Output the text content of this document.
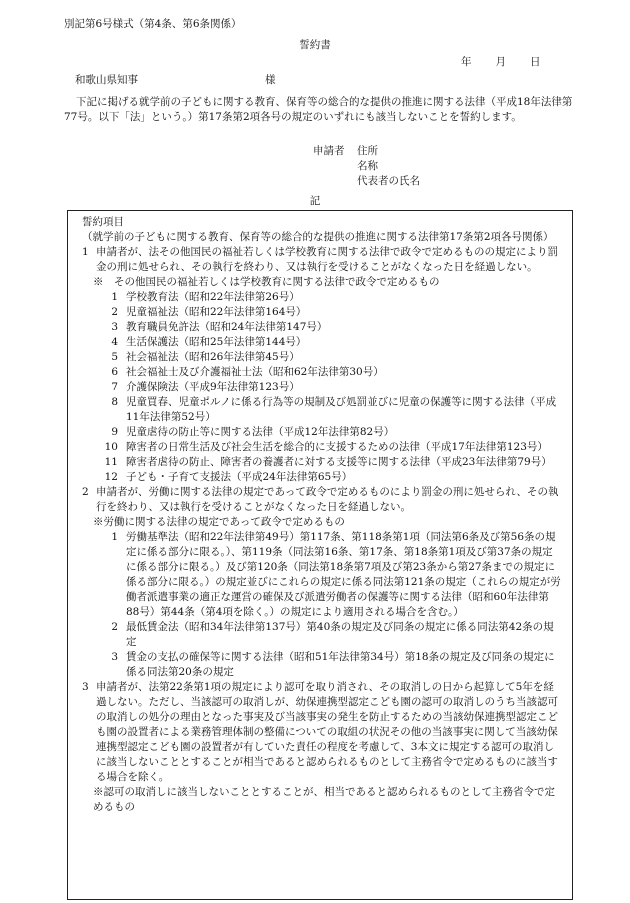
別記第6号様式（第4条、第6条関係）
誓約書
年 月 日
和歌山県知事	様
下記に掲げる就学前の子どもに関する教育、保育等の総合的な提供の推進に関する法律（平成18年法律第77号。以下「法」という。）第17条第2項各号の規定のいずれにも該当しないことを誓約します。
申請者	住所
名称
代表者の氏名
記

誓約項目

（就学前の子どもに関する教育、保育等の総合的な提供の推進に関する法律第17条第2項各号関係）

1 申請者が、法その他国民の福祉若しくは学校教育に関する法律で政令で定めるものの規定により罰金の刑に処せられ、その執行を終わり、又は執行を受けることがなくなった日を経過しない。

※　その他国民の福祉若しくは学校教育に関する法律で政令で定めるもの

1 学校教育法（昭和22年法律第26号）
2 児童福祉法（昭和22年法律第164号）
3 教育職員免許法（昭和24年法律第147号）
4 生活保護法（昭和25年法律第144号）
5 社会福祉法（昭和26年法律第45号）
6 社会福祉士及び介護福祉士法（昭和62年法律第30号）
7 介護保険法（平成9年法律第123号）
8 児童買春、児童ポルノに係る行為等の規制及び処罰並びに児童の保護等に関する法律（平成11年法律第52号）
9 児童虐待の防止等に関する法律（平成12年法律第82号）
10 障害者の日常生活及び社会生活を総合的に支援するための法律（平成17年法律第123号）
11 障害者虐待の防止、障害者の養護者に対する支援等に関する法律（平成23年法律第79号）
12 子ども・子育て支援法（平成24年法律第65号）
2 申請者が、労働に関する法律の規定であって政令で定めるものにより罰金の刑に処せられ、その執行を終わり、又は執行を受けることがなくなった日を経過しない。

※労働に関する法律の規定であって政令で定めるもの

1 労働基準法（昭和22年法律第49号）第117条、第118条第1項（同法第6条及び第56条の規定に係る部分に限る。）、第119条（同法第16条、第17条、第18条第1項及び第37条の規定に係る部分に限る。）及び第120条（同法第18条第7項及び第23条から第27条までの規定に係る部分に限る。）の規定並びにこれらの規定に係る同法第121条の規定（これらの規定が労働者派遣事業の適正な運営の確保及び派遣労働者の保護等に関する法律（昭和60年法律第88号）第44条（第4項を除く。）の規定により適用される場合を含む。）
2 最低賃金法（昭和34年法律第137号）第40条の規定及び同条の規定に係る同法第42条の規定
3 賃金の支払の確保等に関する法律（昭和51年法律第34号）第18条の規定及び同条の規定に係る同法第20条の規定
3 申請者が、法第22条第1項の規定により認可を取り消され、その取消しの日から起算して5年を経過しない。ただし、当該認可の取消しが、幼保連携型認定こども園の認可の取消しのうち当該認可の取消しの処分の理由となった事実及び当該事実の発生を防止するための当該幼保連携型認定こども園の設置者による業務管理体制の整備についての取組の状況その他の当該事実に関して当該幼保連携型認定こども園の設置者が有していた責任の程度を考慮して、3本文に規定する認可の取消しに該当しないこととすることが相当であると認められるものとして主務省令で定めるものに該当する場合を除く。

※認可の取消しに該当しないこととすることが、相当であると認められるものとして主務省令で定めるもの
